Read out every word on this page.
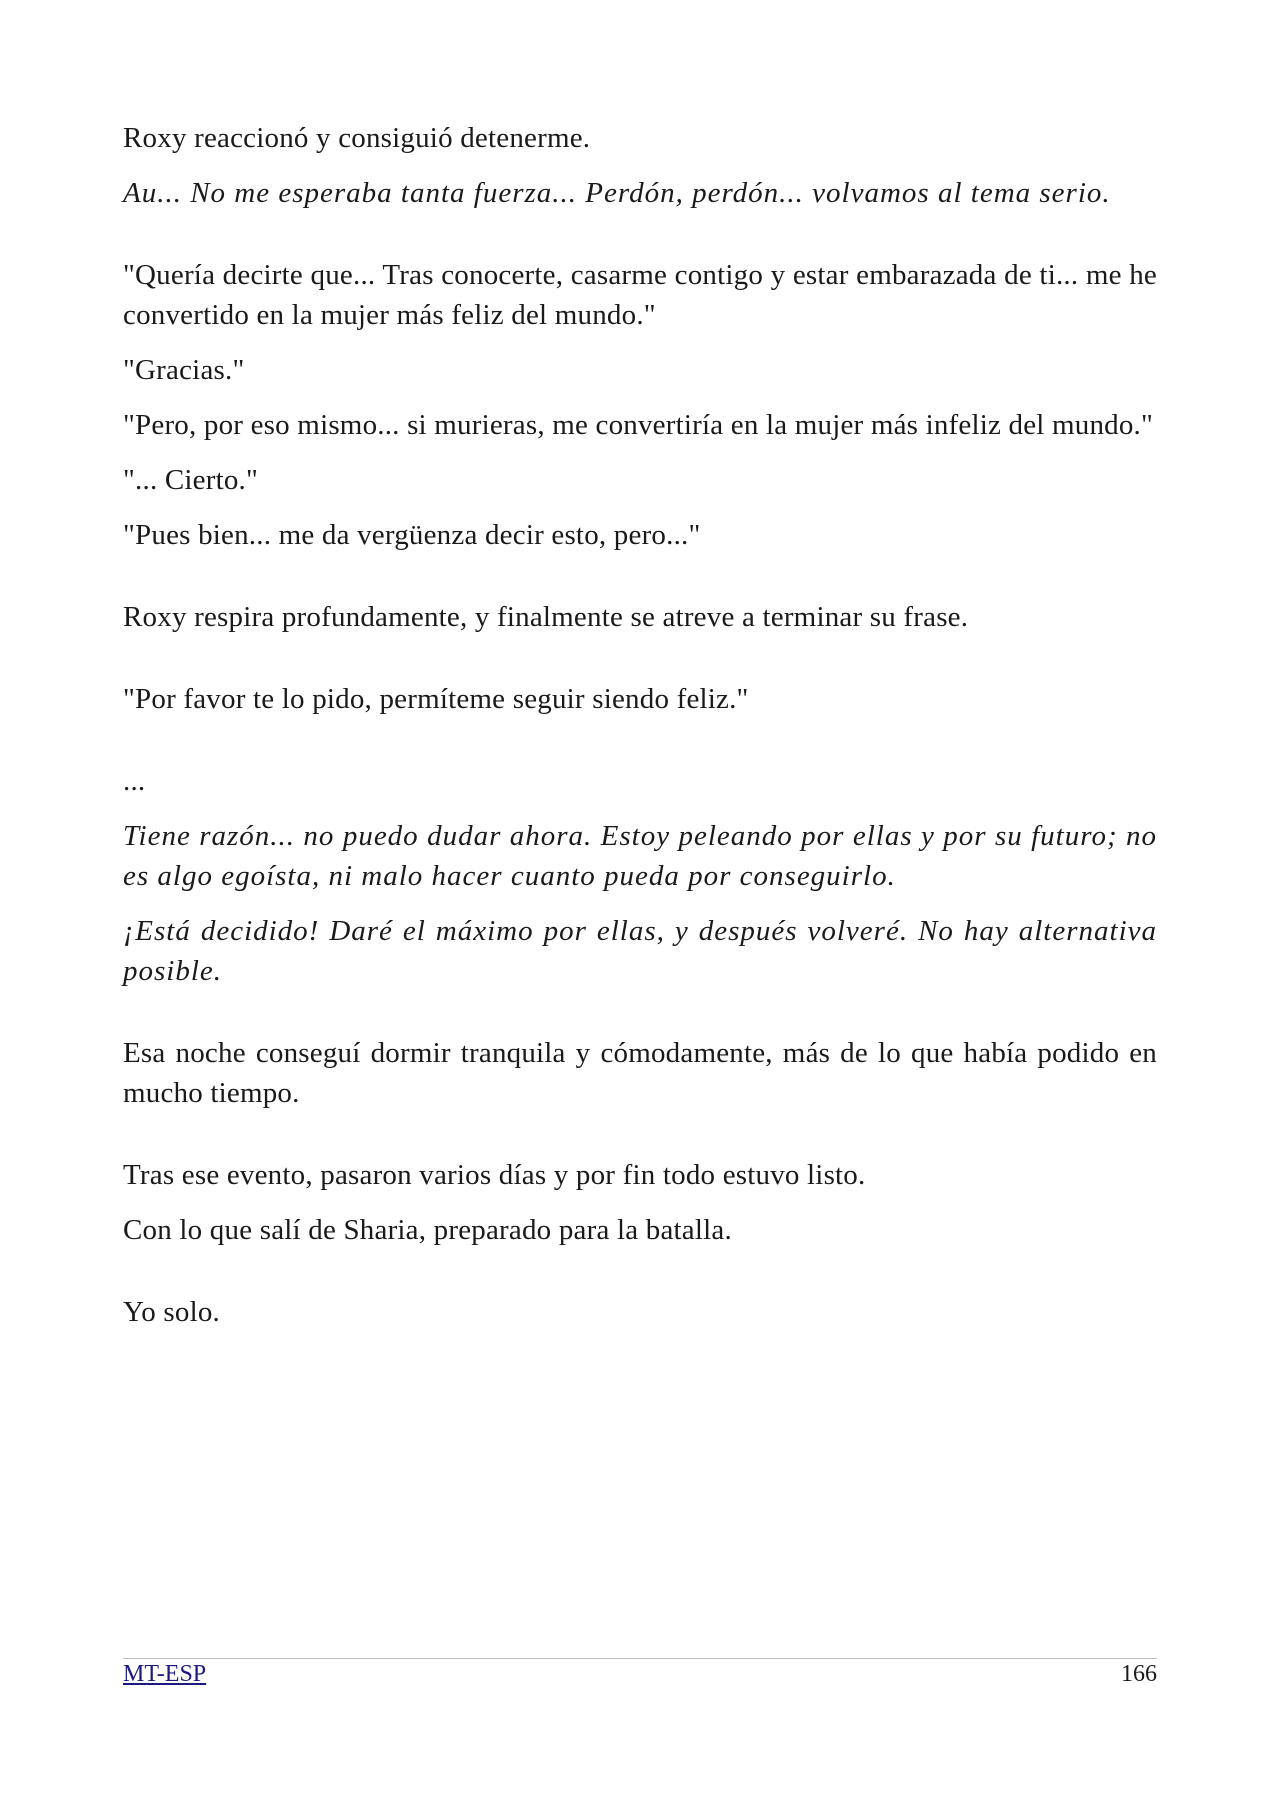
Roxy reaccionó y consiguió detenerme.

Au... No me esperaba tanta fuerza... Perdón, perdón... volvamos al tema serio.

"Quería decirte que... Tras conocerte, casarme contigo y estar embarazada de ti... me he convertido en la mujer más feliz del mundo."

"Gracias."

"Pero, por eso mismo... si murieras, me convertiría en la mujer más infeliz del mundo."

"... Cierto."

"Pues bien... me da vergüenza decir esto, pero..."

Roxy respira profundamente, y finalmente se atreve a terminar su frase.

"Por favor te lo pido, permíteme seguir siendo feliz."

...

Tiene razón... no puedo dudar ahora. Estoy peleando por ellas y por su futuro; no es algo egoísta, ni malo hacer cuanto pueda por conseguirlo.

¡Está decidido! Daré el máximo por ellas, y después volveré. No hay alternativa posible.

Esa noche conseguí dormir tranquila y cómodamente, más de lo que había podido en mucho tiempo.

Tras ese evento, pasaron varios días y por fin todo estuvo listo.

Con lo que salí de Sharia, preparado para la batalla.

Yo solo.

MT-ESP	166
